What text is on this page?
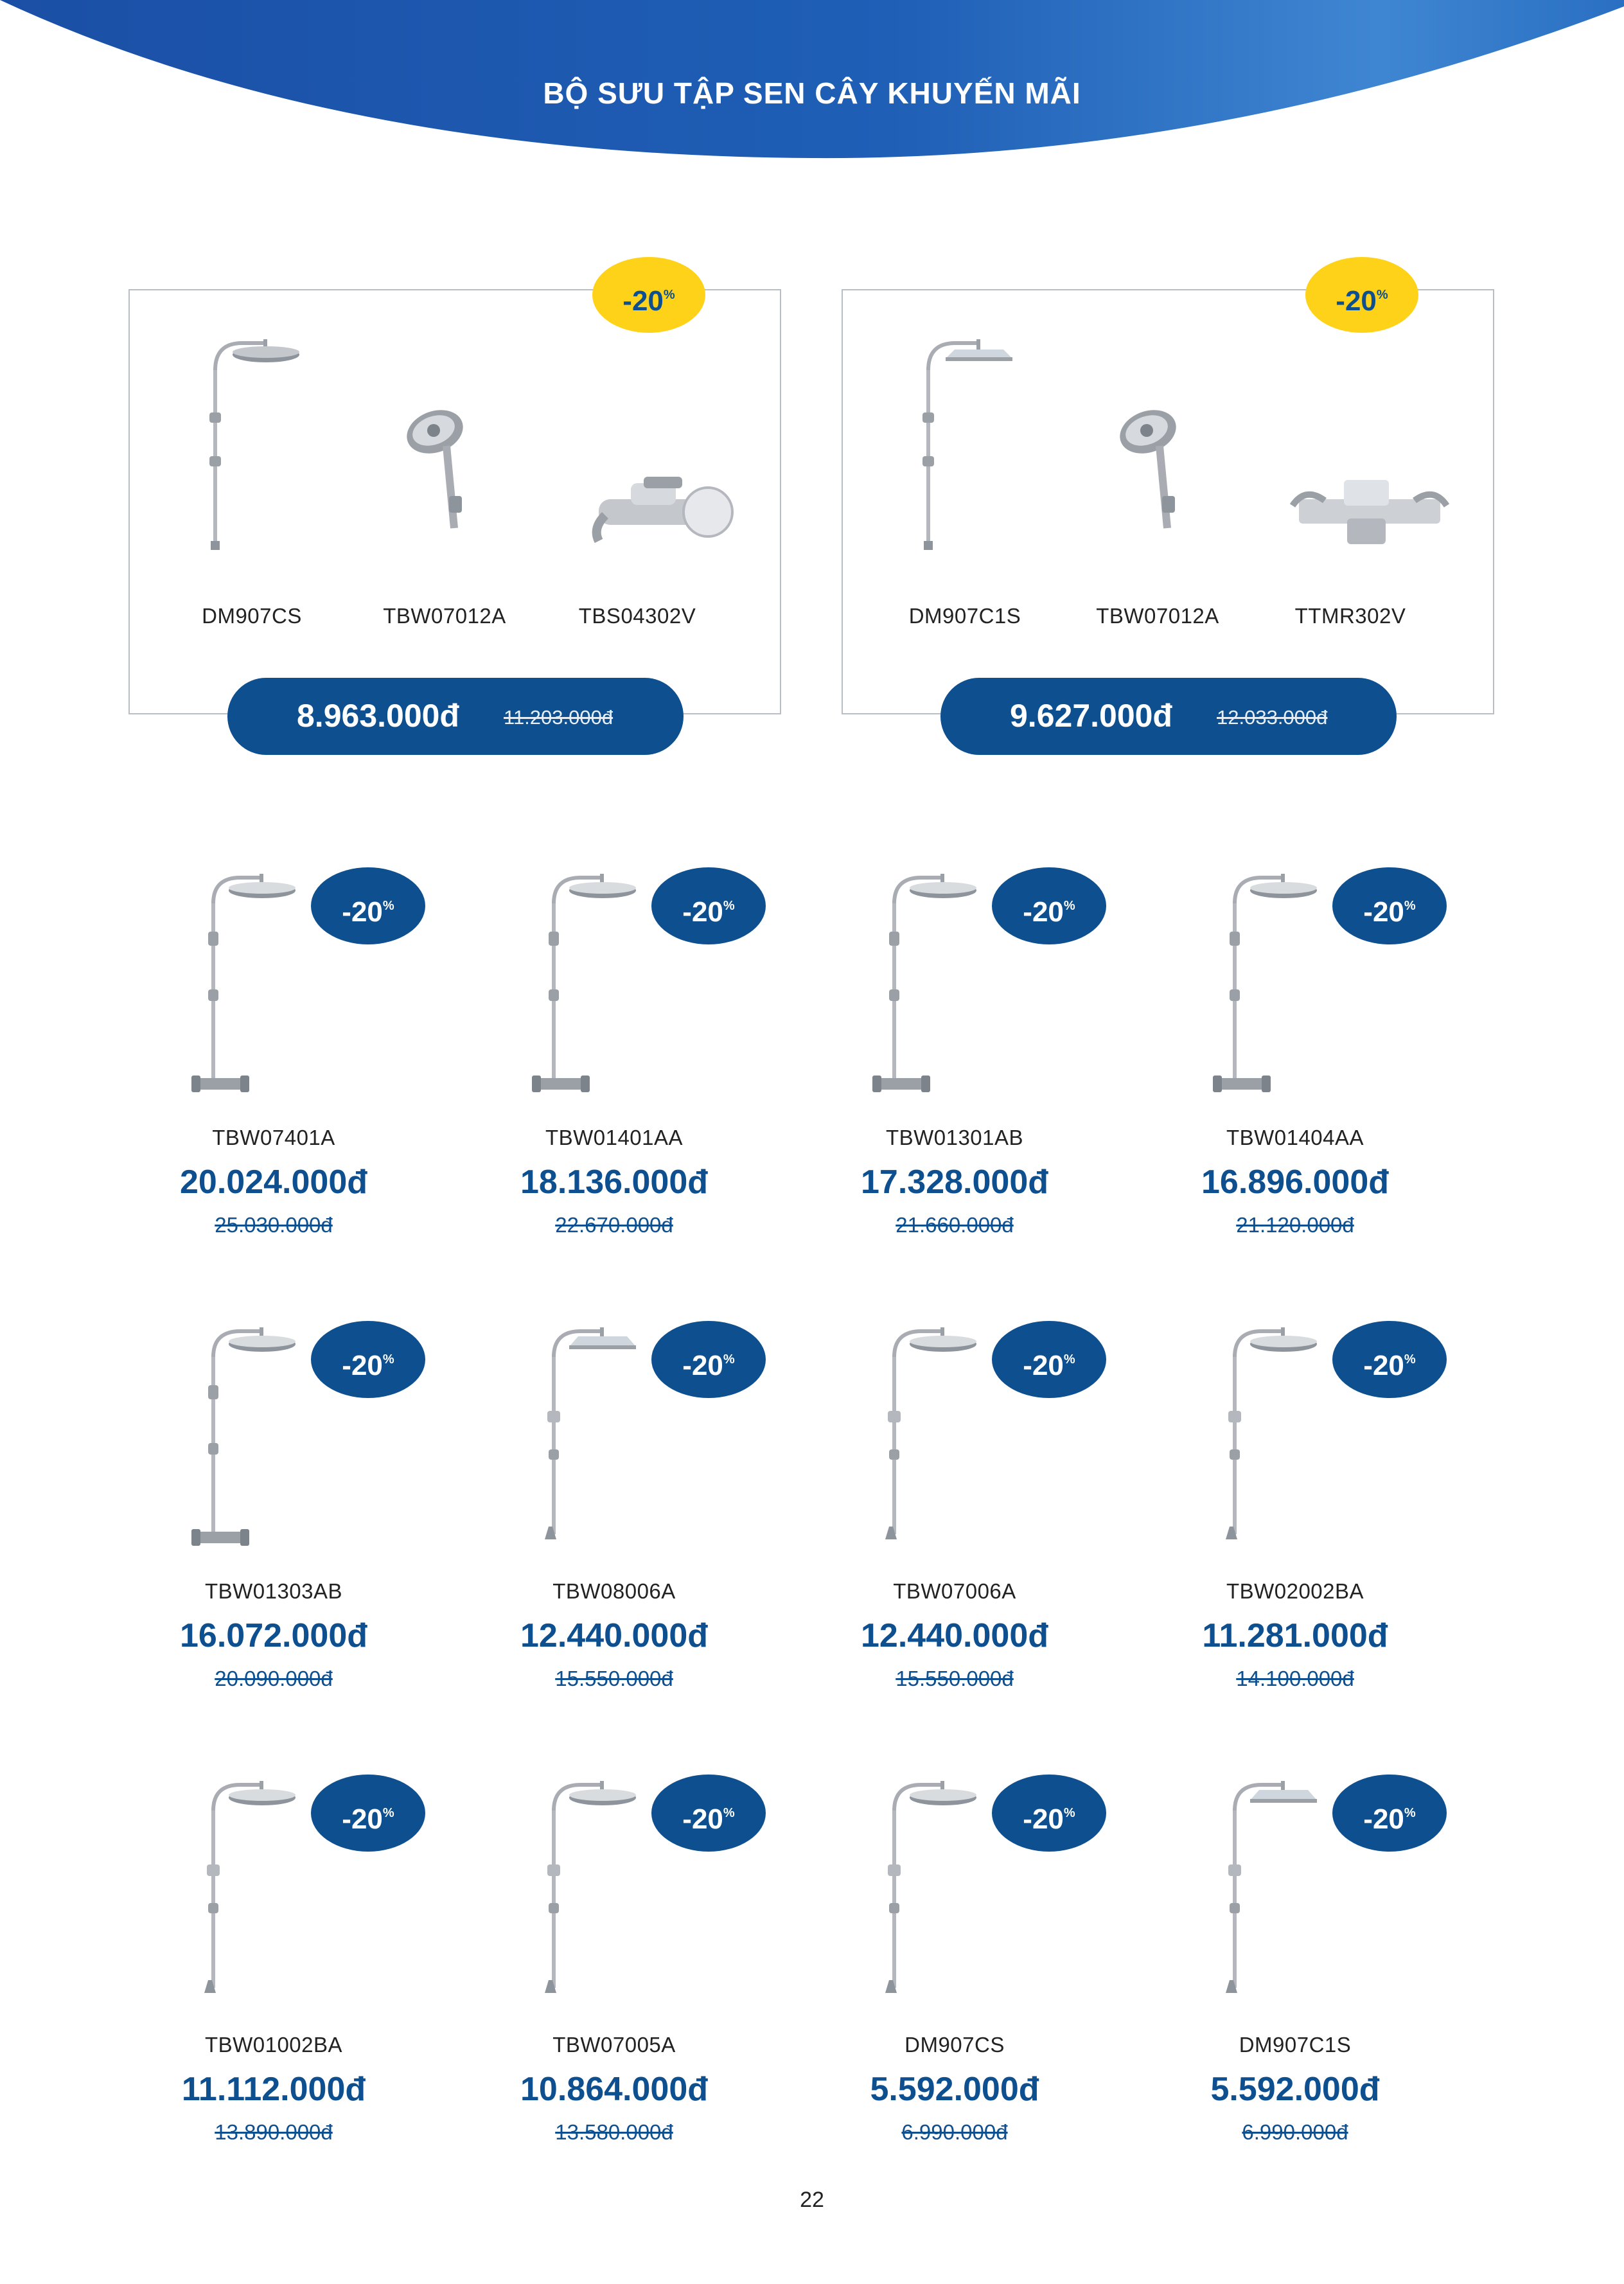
BỘ SƯU TẬP SEN CÂY KHUYẾN MÃI
-20%
DM907CS	TBW07012A	TBS04302V
8.963.000đ 11.203.000đ
-20%
DM907C1S	TBW07012A	TTMR302V
9.627.000đ 12.033.000đ
-20%
TBW07401A
20.024.000đ
25.030.000đ
-20%
TBW01401AA
18.136.000đ
22.670.000đ
-20%
TBW01301AB
17.328.000đ
21.660.000đ
-20%
TBW01404AA
16.896.000đ
21.120.000đ
-20%
TBW01303AB
16.072.000đ
20.090.000đ
-20%
TBW08006A
12.440.000đ
15.550.000đ
-20%
TBW07006A
12.440.000đ
15.550.000đ
-20%
TBW02002BA
11.281.000đ
14.100.000đ
-20%
TBW01002BA
11.112.000đ
13.890.000đ
-20%
TBW07005A
10.864.000đ
13.580.000đ
-20%
DM907CS
5.592.000đ
6.990.000đ
-20%
DM907C1S
5.592.000đ
6.990.000đ
22
